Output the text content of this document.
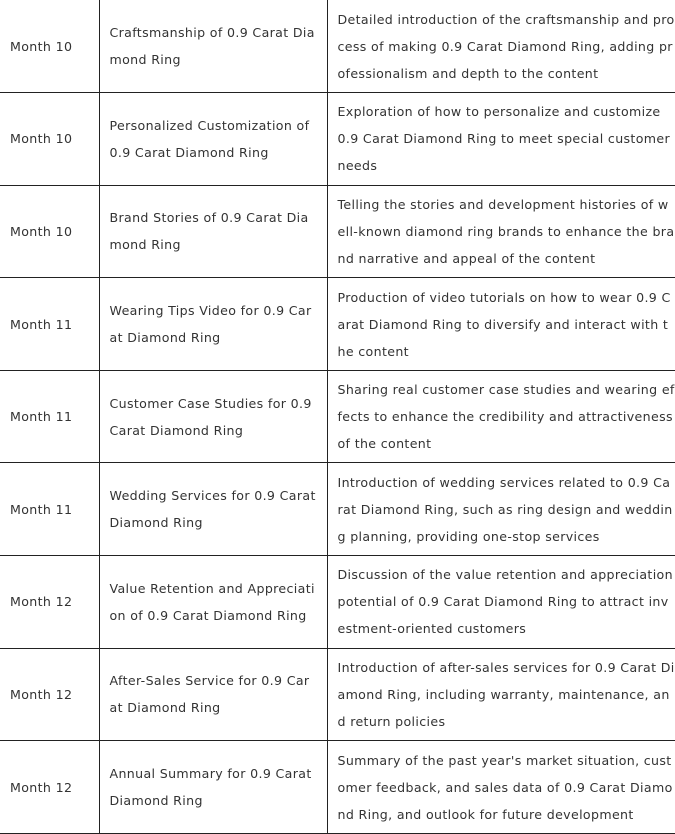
Month 10	Craftsmanship of 0.9 Carat Diamond Ring	Detailed introduction of the craftsmanship and process of making 0.9 Carat Diamond Ring, adding professionalism and depth to the content
Month 10	Personalized Customization of 0.9 Carat Diamond Ring	Exploration of how to personalize and customize 0.9 Carat Diamond Ring to meet special customer needs
Month 10	Brand Stories of 0.9 Carat Diamond Ring	Telling the stories and development histories of well-known diamond ring brands to enhance the brand narrative and appeal of the content
Month 11	Wearing Tips Video for 0.9 Carat Diamond Ring	Production of video tutorials on how to wear 0.9 Carat Diamond Ring to diversify and interact with the content
Month 11	Customer Case Studies for 0.9 Carat Diamond Ring	Sharing real customer case studies and wearing effects to enhance the credibility and attractiveness of the content
Month 11	Wedding Services for 0.9 Carat Diamond Ring	Introduction of wedding services related to 0.9 Carat Diamond Ring, such as ring design and wedding planning, providing one-stop services
Month 12	Value Retention and Appreciation of 0.9 Carat Diamond Ring	Discussion of the value retention and appreciation potential of 0.9 Carat Diamond Ring to attract investment-oriented customers
Month 12	After-Sales Service for 0.9 Carat Diamond Ring	Introduction of after-sales services for 0.9 Carat Diamond Ring, including warranty, maintenance, and return policies
Month 12	Annual Summary for 0.9 Carat Diamond Ring	Summary of the past year's market situation, customer feedback, and sales data of 0.9 Carat Diamond Ring, and outlook for future development
